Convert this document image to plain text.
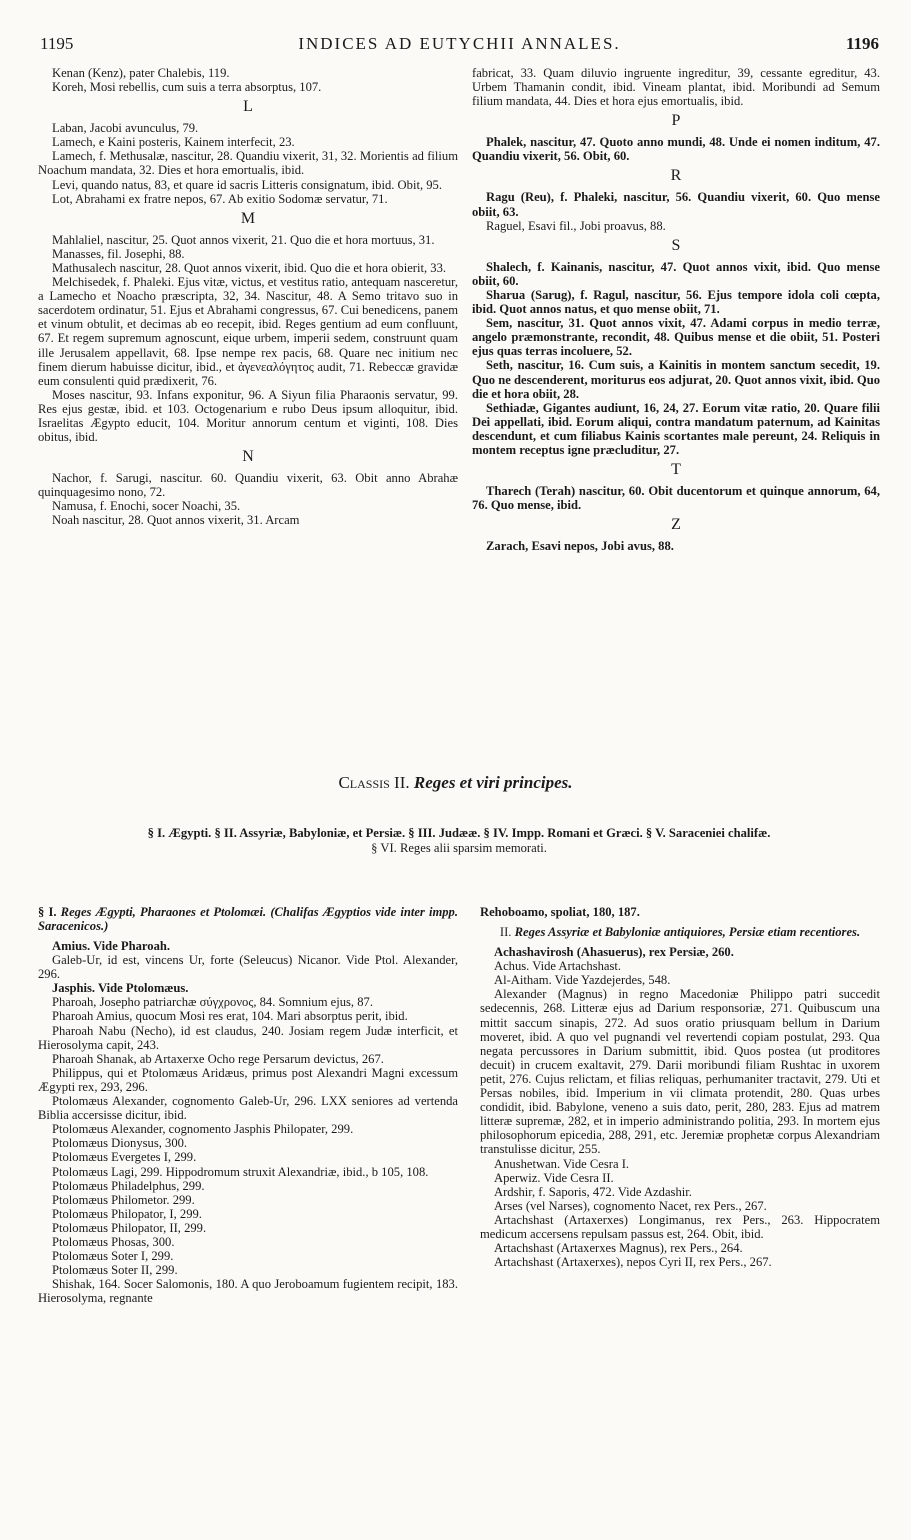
1195	INDICES AD EUTYCHII ANNALES.	1196

Kenan (Kenz), pater Chalebis, 119.

Koreh, Mosi rebellis, cum suis a terra absorptus, 107.

L

Laban, Jacobi avunculus, 79.

Lamech, e Kaini posteris, Kainem interfecit, 23.

Lamech, f. Methusalæ, nascitur, 28. Quandiu vixerit, 31, 32. Morientis ad filium Noachum mandata, 32. Dies et hora emortualis, ibid.

Levi, quando natus, 83, et quare id sacris Litteris consignatum, ibid. Obit, 95.

Lot, Abrahami ex fratre nepos, 67. Ab exitio Sodomæ servatur, 71.

M

Mahlaliel, nascitur, 25. Quot annos vixerit, 21. Quo die et hora mortuus, 31.

Manasses, fil. Josephi, 88.

Mathusalech nascitur, 28. Quot annos vixerit, ibid. Quo die et hora obierit, 33.

Melchisedek, f. Phaleki. Ejus vitæ, victus, et vestitus ratio, antequam nasceretur, a Lamecho et Noacho præscripta, 32, 34. Nascitur, 48. A Semo tritavo suo in sacerdotem ordinatur, 51. Ejus et Abrahami congressus, 67. Cui benedicens, panem et vinum obtulit, et decimas ab eo recepit, ibid. Reges gentium ad eum confluunt, 67. Et regem supremum agnoscunt, eique urbem, imperii sedem, construunt quam ille Jerusalem appellavit, 68. Ipse nempe rex pacis, 68. Quare nec initium nec finem dierum habuisse dicitur, ibid., et ἀγενεαλόγητος audit, 71. Rebeccæ gravidæ eum consulenti quid prædixerit, 76.

Moses nascitur, 93. Infans exponitur, 96. A Siyun filia Pharaonis servatur, 99. Res ejus gestæ, ibid. et 103. Octogenarium e rubo Deus ipsum alloquitur, ibid. Israelitas Ægypto educit, 104. Moritur annorum centum et viginti, 108. Dies obitus, ibid.

N

Nachor, f. Sarugi, nascitur. 60. Quandiu vixerit, 63. Obit anno Abrahæ quinquagesimo nono, 72.

Namusa, f. Enochi, socer Noachi, 35.

Noah nascitur, 28. Quot annos vixerit, 31. Arcam

fabricat, 33. Quam diluvio ingruente ingreditur, 39, cessante egreditur, 43. Urbem Thamanin condit, ibid. Vineam plantat, ibid. Moribundi ad Semum filium mandata, 44. Dies et hora ejus emortualis, ibid.

P

Phalek, nascitur, 47. Quoto anno mundi, 48. Unde ei nomen inditum, 47. Quandiu vixerit, 56. Obit, 60.

R

Ragu (Reu), f. Phaleki, nascitur, 56. Quandiu vixerit, 60. Quo mense obiit, 63.

Raguel, Esavi fil., Jobi proavus, 88.

S

Shalech, f. Kainanis, nascitur, 47. Quot annos vixit, ibid. Quo mense obiit, 60.

Sharua (Sarug), f. Ragul, nascitur, 56. Ejus tempore idola coli cœpta, ibid. Quot annos natus, et quo mense obiit, 71.

Sem, nascitur, 31. Quot annos vixit, 47. Adami corpus in medio terræ, angelo præmonstrante, recondit, 48. Quibus mense et die obiit, 51. Posteri ejus quas terras incoluere, 52.

Seth, nascitur, 16. Cum suis, a Kainitis in montem sanctum secedit, 19. Quo ne descenderent, moriturus eos adjurat, 20. Quot annos vixit, ibid. Quo die et hora obiit, 28.

Sethiadæ, Gigantes audiunt, 16, 24, 27. Eorum vitæ ratio, 20. Quare filii Dei appellati, ibid. Eorum aliqui, contra mandatum paternum, ad Kainitas descendunt, et cum filiabus Kainis scortantes male pereunt, 24. Reliquis in montem receptus igne præcluditur, 27.

T

Tharech (Terah) nascitur, 60. Obit ducentorum et quinque annorum, 64, 76. Quo mense, ibid.

Z

Zarach, Esavi nepos, Jobi avus, 88.

Classis II. Reges et viri principes.
§ I. Ægypti. § II. Assyriæ, Babyloniæ, et Persiæ. § III. Judææ. § IV. Impp. Romani et Græci. § V. Saraceniei chalifæ.
§ VI. Reges alii sparsim memorati.

§ I. Reges Ægypti, Pharaones et Ptolomæi. (Chalifas Ægyptios vide inter impp. Saracenicos.)

Amius. Vide Pharoah.

Galeb-Ur, id est, vincens Ur, forte (Seleucus) Nicanor. Vide Ptol. Alexander, 296.

Jasphis. Vide Ptolomæus.

Pharoah, Josepho patriarchæ σύγχρονος, 84. Somnium ejus, 87.

Pharoah Amius, quocum Mosi res erat, 104. Mari absorptus perit, ibid.

Pharoah Nabu (Necho), id est claudus, 240. Josiam regem Judæ interficit, et Hierosolyma capit, 243.

Pharoah Shanak, ab Artaxerxe Ocho rege Persarum devictus, 267.

Philippus, qui et Ptolomæus Aridæus, primus post Alexandri Magni excessum Ægypti rex, 293, 296.

Ptolomæus Alexander, cognomento Galeb-Ur, 296. LXX seniores ad vertenda Biblia accersisse dicitur, ibid.

Ptolomæus Alexander, cognomento Jasphis Philopater, 299.

Ptolomæus Dionysus, 300.

Ptolomæus Evergetes I, 299.

Ptolomæus Lagi, 299. Hippodromum struxit Alexandriæ, ibid., b 105, 108.

Ptolomæus Philadelphus, 299.

Ptolomæus Philometor. 299.

Ptolomæus Philopator, I, 299.

Ptolomæus Philopator, II, 299.

Ptolomæus Phosas, 300.

Ptolomæus Soter I, 299.

Ptolomæus Soter II, 299.

Shishak, 164. Socer Salomonis, 180. A quo Jeroboamum fugientem recipit, 183. Hierosolyma, regnante

Rehoboamo, spoliat, 180, 187.

II. Reges Assyriæ et Babyloniæ antiquiores, Persiæ etiam recentiores.

Achashavirosh (Ahasuerus), rex Persiæ, 260.

Achus. Vide Artachshast.

Al-Aitham. Vide Yazdejerdes, 548.

Alexander (Magnus) in regno Macedoniæ Philippo patri succedit sedecennis, 268. Litteræ ejus ad Darium responsoriæ, 271. Quibuscum una mittit saccum sinapis, 272. Ad suos oratio priusquam bellum in Darium moveret, ibid. A quo vel pugnandi vel revertendi copiam postulat, 293. Qua negata percussores in Darium submittit, ibid. Quos postea (ut proditores decuit) in crucem exaltavit, 279. Darii moribundi filiam Rushtac in uxorem petit, 276. Cujus relictam, et filias reliquas, perhumaniter tractavit, 279. Uti et Persas nobiles, ibid. Imperium in vii climata protendit, 280. Quas urbes condidit, ibid. Babylone, veneno a suis dato, perit, 280, 283. Ejus ad matrem litteræ supremæ, 282, et in imperio administrando politia, 293. In mortem ejus philosophorum epicedia, 288, 291, etc. Jeremiæ prophetæ corpus Alexandriam transtulisse dicitur, 255.

Anushetwan. Vide Cesra I.

Aperwiz. Vide Cesra II.

Ardshir, f. Saporis, 472. Vide Azdashir.

Arses (vel Narses), cognomento Nacet, rex Pers., 267.

Artachshast (Artaxerxes) Longimanus, rex Pers., 263. Hippocratem medicum accersens repulsam passus est, 264. Obit, ibid.

Artachshast (Artaxerxes Magnus), rex Pers., 264.

Artachshast (Artaxerxes), nepos Cyri II, rex Pers., 267.
